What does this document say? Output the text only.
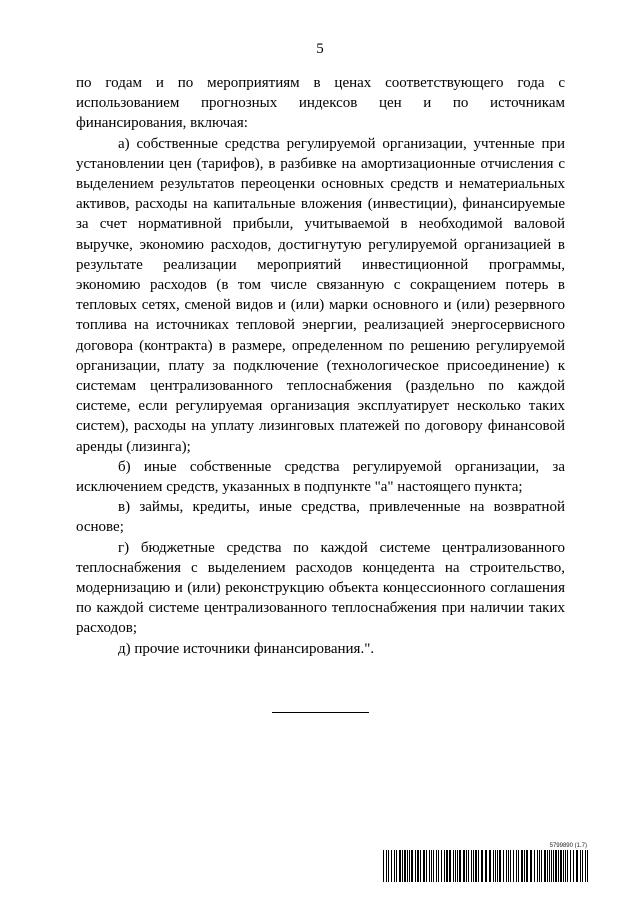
5

по годам и по мероприятиям в ценах соответствующего года с использованием прогнозных индексов цен и по источникам финансирования, включая:

а) собственные средства регулируемой организации, учтенные при установлении цен (тарифов), в разбивке на амортизационные отчисления с выделением результатов переоценки основных средств и нематериальных активов, расходы на капитальные вложения (инвестиции), финансируемые за счет нормативной прибыли, учитываемой в необходимой валовой выручке, экономию расходов, достигнутую регулируемой организацией в результате реализации мероприятий инвестиционной программы, экономию расходов (в том числе связанную с сокращением потерь в тепловых сетях, сменой видов и (или) марки основного и (или) резервного топлива на источниках тепловой энергии, реализацией энергосервисного договора (контракта) в размере, определенном по решению регулируемой организации, плату за подключение (технологическое присоединение) к системам централизованного теплоснабжения (раздельно по каждой системе, если регулируемая организация эксплуатирует несколько таких систем), расходы на уплату лизинговых платежей по договору финансовой аренды (лизинга);

б) иные собственные средства регулируемой организации, за исключением средств, указанных в подпункте "а" настоящего пункта;

в) займы, кредиты, иные средства, привлеченные на возвратной основе;

г) бюджетные средства по каждой системе централизованного теплоснабжения с выделением расходов концедента на строительство, модернизацию и (или) реконструкцию объекта концессионного соглашения по каждой системе централизованного теплоснабжения при наличии таких расходов;

д) прочие источники финансирования.".

5799890 (1.7)
